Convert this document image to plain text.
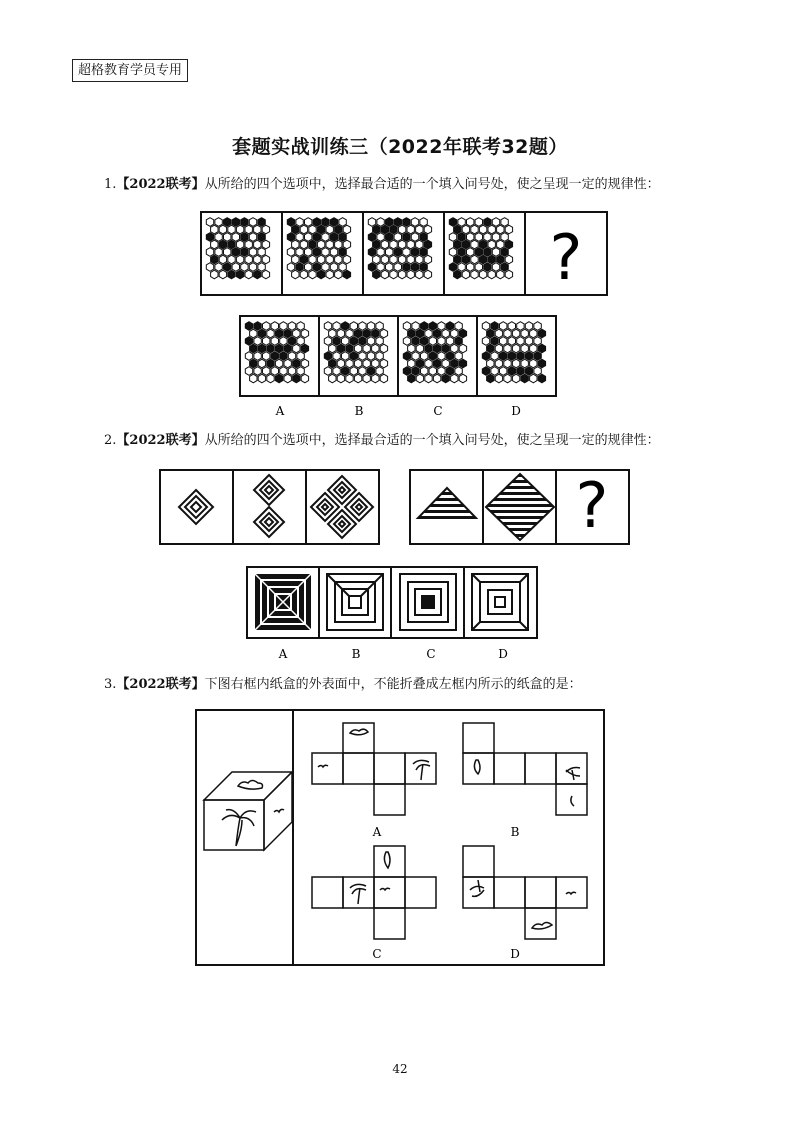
超格教育学员专用
套题实战训练三（2022年联考32题）
1.【2022联考】从所给的四个选项中，选择最合适的一个填入问号处，使之呈现一定的规律性：
2.【2022联考】从所给的四个选项中，选择最合适的一个填入问号处，使之呈现一定的规律性：
3.【2022联考】下图右框内纸盒的外表面中，不能折叠成左框内所示的纸盒的是：
?
A	B	C	D
?
A	B	C	D
A	B
C	D
42
